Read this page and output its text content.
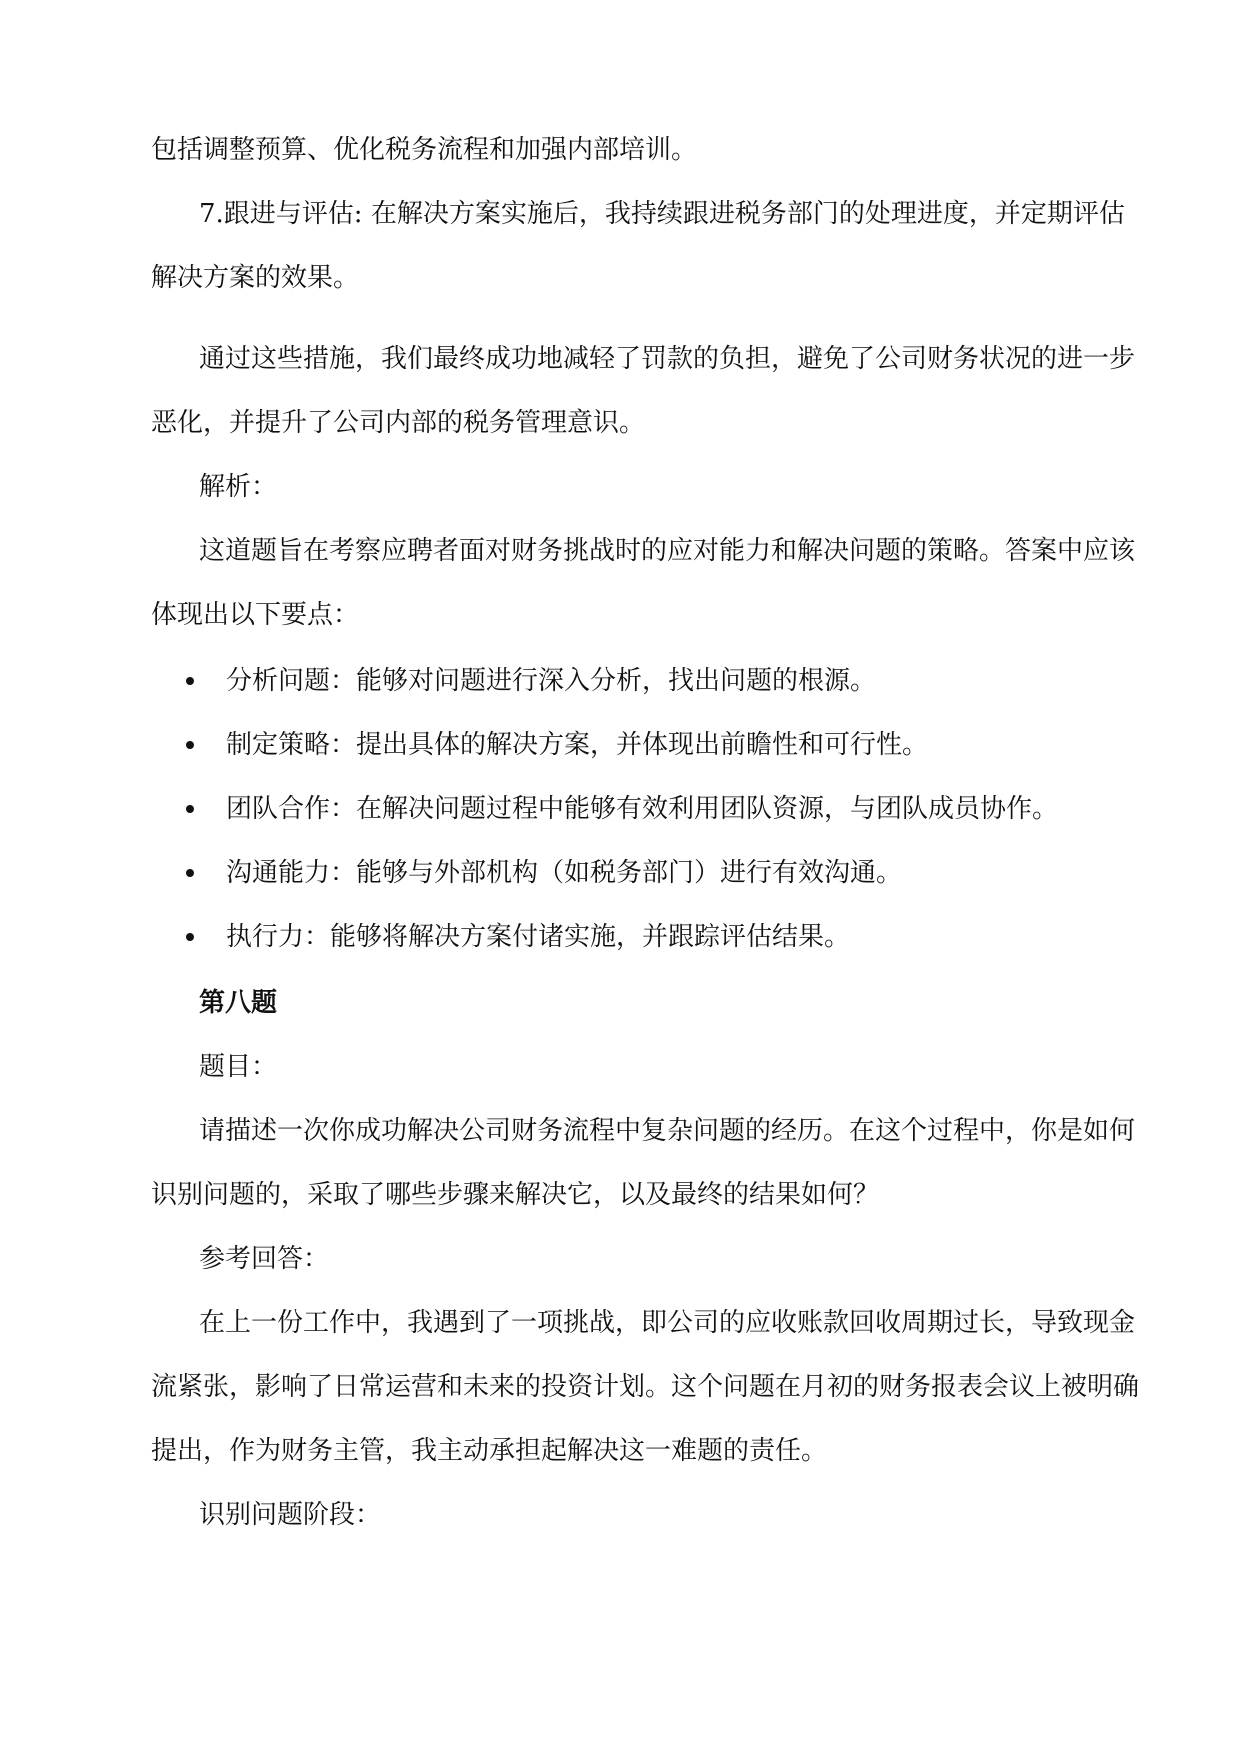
包括调整预算、优化税务流程和加强内部培训。

7.跟进与评估: 在解决方案实施后，我持续跟进税务部门的处理进度，并定期评估

解决方案的效果。

通过这些措施，我们最终成功地减轻了罚款的负担，避免了公司财务状况的进一步

恶化，并提升了公司内部的税务管理意识。

解析：

这道题旨在考察应聘者面对财务挑战时的应对能力和解决问题的策略。答案中应该

体现出以下要点：

分析问题：能够对问题进行深入分析，找出问题的根源。
制定策略：提出具体的解决方案，并体现出前瞻性和可行性。
团队合作：在解决问题过程中能够有效利用团队资源，与团队成员协作。
沟通能力：能够与外部机构（如税务部门）进行有效沟通。
执行力：能够将解决方案付诸实施，并跟踪评估结果。

第八题

题目：

请描述一次你成功解决公司财务流程中复杂问题的经历。在这个过程中，你是如何

识别问题的，采取了哪些步骤来解决它，以及最终的结果如何？

参考回答：

在上一份工作中，我遇到了一项挑战，即公司的应收账款回收周期过长，导致现金

流紧张，影响了日常运营和未来的投资计划。这个问题在月初的财务报表会议上被明确

提出，作为财务主管，我主动承担起解决这一难题的责任。

识别问题阶段：
